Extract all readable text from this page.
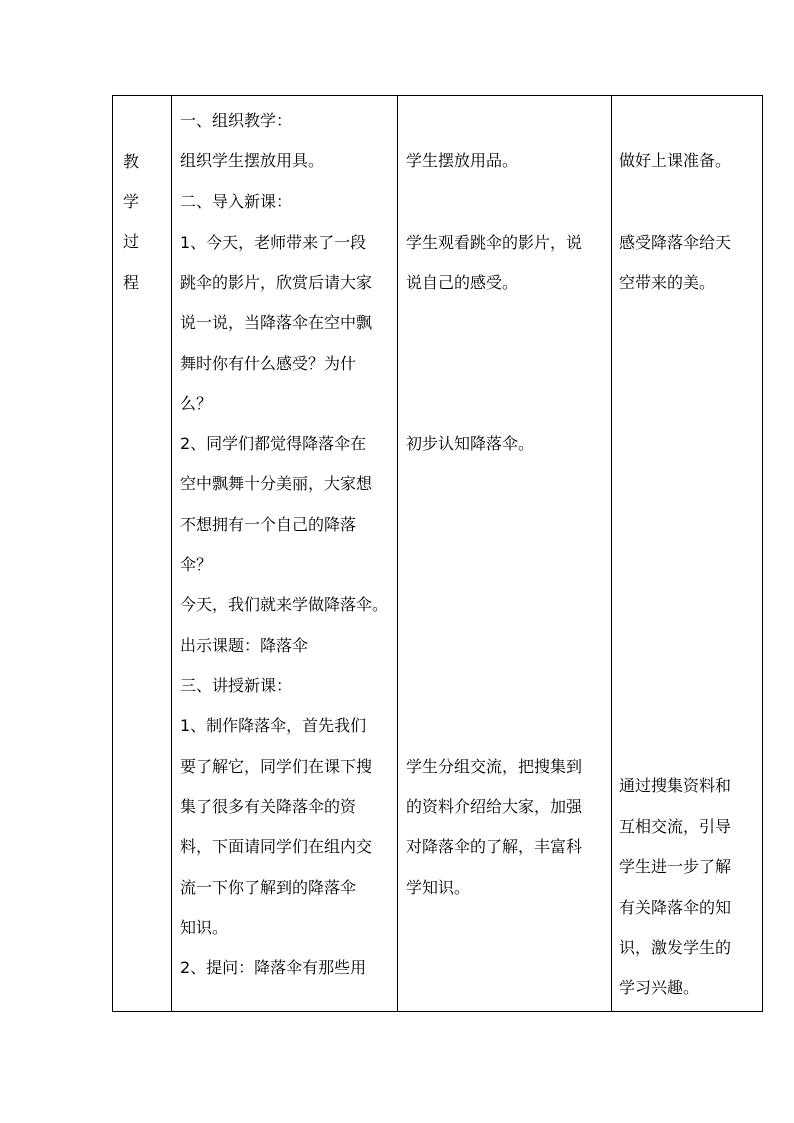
教
学
过
程

一、组织教学：
组织学生摆放用具。
二、导入新课：
1、今天，老师带来了一段
跳伞的影片，欣赏后请大家
说一说，当降落伞在空中飘
舞时你有什么感受？为什
么？
2、同学们都觉得降落伞在
空中飘舞十分美丽，大家想
不想拥有一个自己的降落
伞？
今天，我们就来学做降落伞。
出示课题：降落伞
三、讲授新课：
1、制作降落伞，首先我们
要了解它，同学们在课下搜
集了很多有关降落伞的资
料，下面请同学们在组内交
流一下你了解到的降落伞
知识。
2、提问：降落伞有那些用

学生摆放用品。
学生观看跳伞的影片，说
说自己的感受。
初步认知降落伞。
学生分组交流，把搜集到
的资料介绍给大家，加强
对降落伞的了解，丰富科
学知识。

做好上课准备。
感受降落伞给天
空带来的美。
通过搜集资料和
互相交流，引导
学生进一步了解
有关降落伞的知
识，激发学生的
学习兴趣。
